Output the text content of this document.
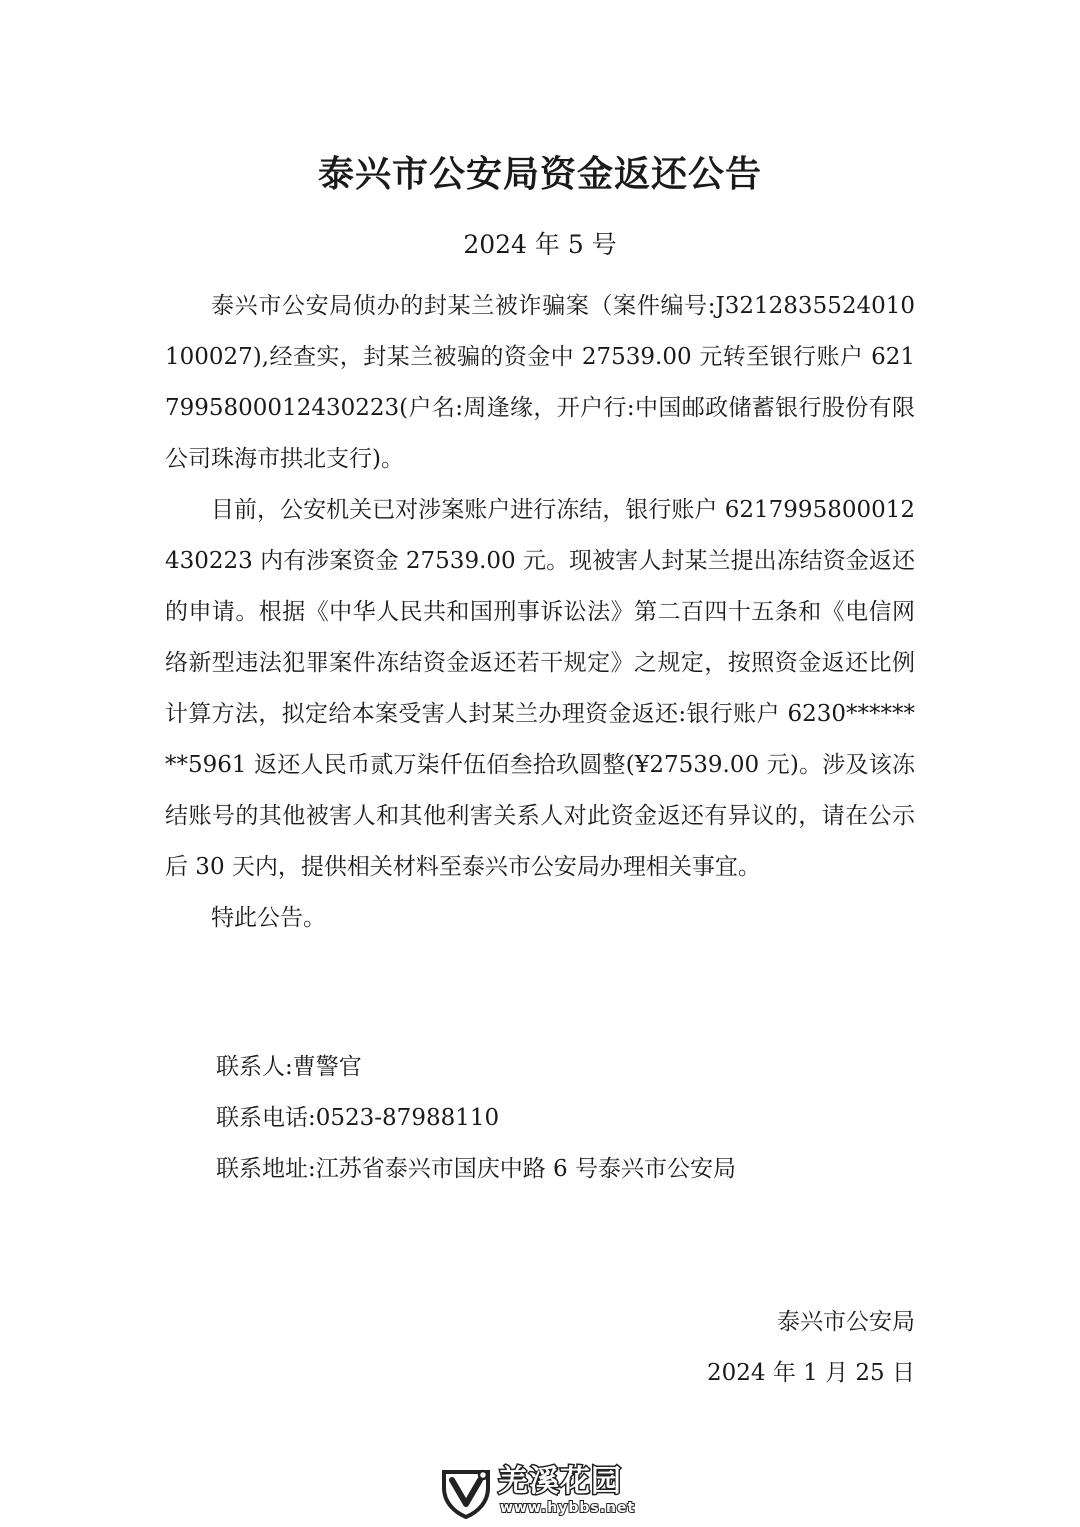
泰兴市公安局资金返还公告
2024 年 5 号

泰兴市公安局侦办的封某兰被诈骗案（案件编号:J3212835524010100027),经查实，封某兰被骗的资金中 27539.00 元转至银行账户 6217995800012430223(户名:周逢缘，开户行:中国邮政储蓄银行股份有限公司珠海市拱北支行)。

目前，公安机关已对涉案账户进行冻结，银行账户 6217995800012430223 内有涉案资金 27539.00 元。现被害人封某兰提出冻结资金返还的申请。根据《中华人民共和国刑事诉讼法》第二百四十五条和《电信网络新型违法犯罪案件冻结资金返还若干规定》之规定，按照资金返还比例计算方法，拟定给本案受害人封某兰办理资金返还:银行账户 6230********5961 返还人民币贰万柒仟伍佰叁拾玖圆整(¥27539.00 元)。涉及该冻结账号的其他被害人和其他利害关系人对此资金返还有异议的，请在公示后 30 天内，提供相关材料至泰兴市公安局办理相关事宜。

特此公告。

联系人:曹警官
联系电话:0523-87988110
联系地址:江苏省泰兴市国庆中路 6 号泰兴市公安局
泰兴市公安局
2024 年 1 月 25 日
羌溪花园
www.hybbs.net
